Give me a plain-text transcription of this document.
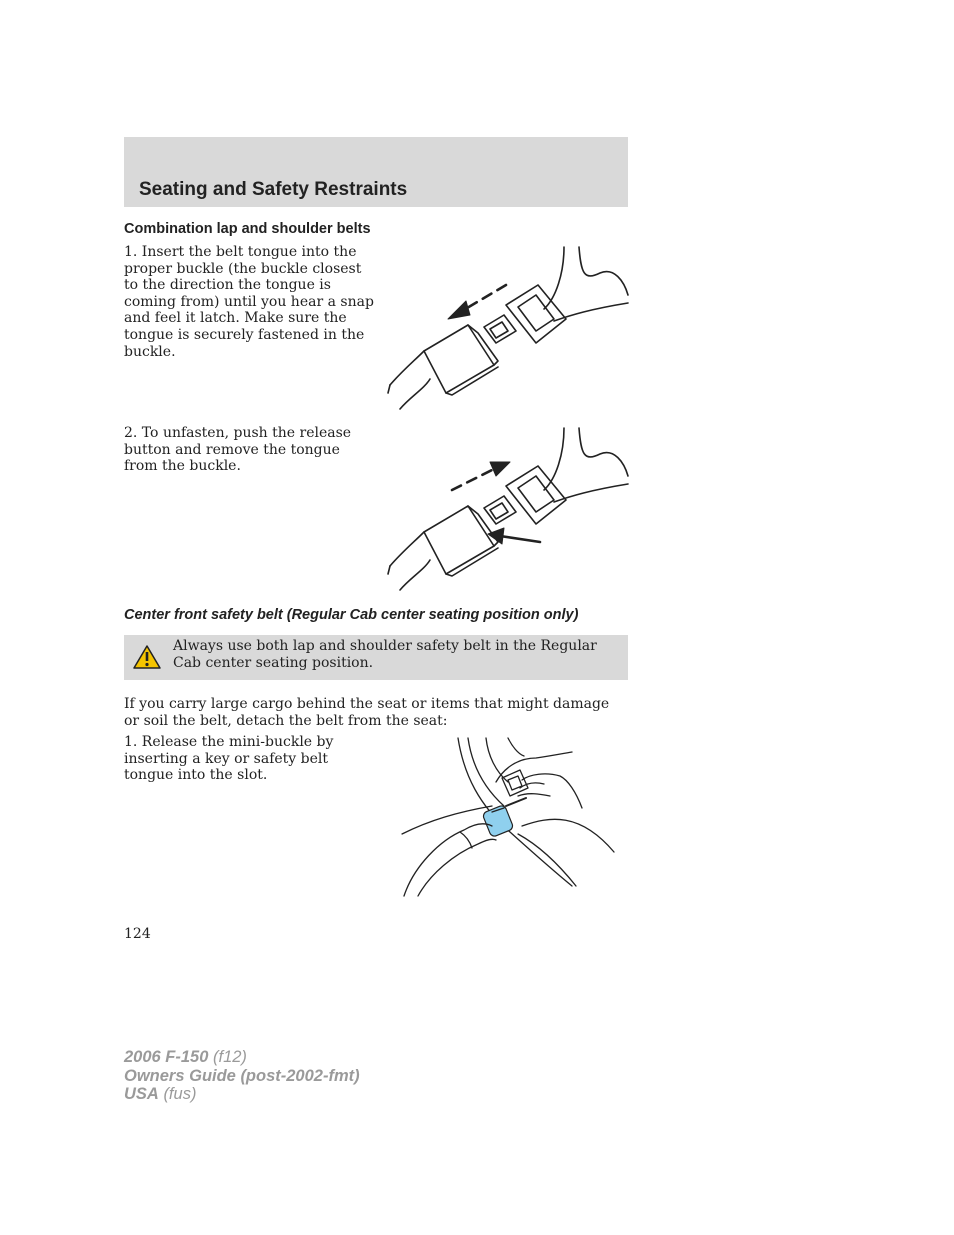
Seating and Safety Restraints
Combination lap and shoulder belts

1. Insert the belt tongue into the proper buckle (the buckle closest to the direction the tongue is coming from) until you hear a snap and feel it latch. Make sure the tongue is securely fastened in the buckle.

2. To unfasten, push the release button and remove the tongue from the buckle.

Center front safety belt (Regular Cab center seating position only)

Always use both lap and shoulder safety belt in the Regular Cab center seating position.

If you carry large cargo behind the seat or items that might damage or soil the belt, detach the belt from the seat:

1. Release the mini-buckle by inserting a key or safety belt tongue into the slot.

124

2006 F-150 (f12)
Owners Guide (post-2002-fmt)
USA (fus)
